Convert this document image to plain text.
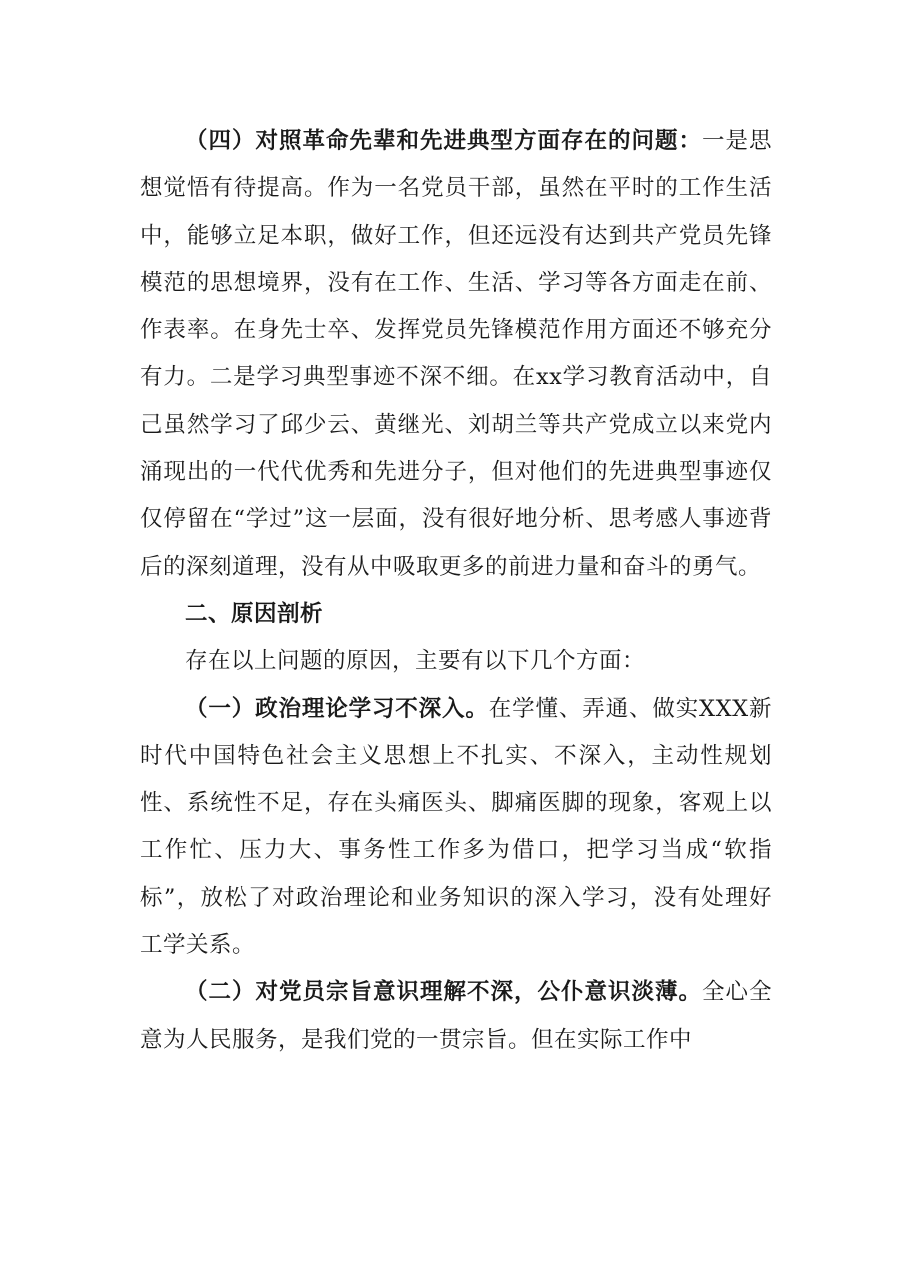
（四）对照革命先辈和先进典型方面存在的问题：一是思想觉悟有待提高。作为一名党员干部，虽然在平时的工作生活中，能够立足本职，做好工作，但还远没有达到共产党员先锋模范的思想境界，没有在工作、生活、学习等各方面走在前、作表率。在身先士卒、发挥党员先锋模范作用方面还不够充分有力。二是学习典型事迹不深不细。在xx学习教育活动中，自己虽然学习了邱少云、黄继光、刘胡兰等共产党成立以来党内涌现出的一代代优秀和先进分子，但对他们的先进典型事迹仅仅停留在“学过”这一层面，没有很好地分析、思考感人事迹背后的深刻道理，没有从中吸取更多的前进力量和奋斗的勇气。

二、原因剖析

存在以上问题的原因，主要有以下几个方面：

（一）政治理论学习不深入。在学懂、弄通、做实XXX新时代中国特色社会主义思想上不扎实、不深入，主动性规划性、系统性不足，存在头痛医头、脚痛医脚的现象，客观上以工作忙、压力大、事务性工作多为借口，把学习当成“软指标”，放松了对政治理论和业务知识的深入学习，没有处理好工学关系。

（二）对党员宗旨意识理解不深，公仆意识淡薄。全心全意为人民服务，是我们党的一贯宗旨。但在实际工作中
